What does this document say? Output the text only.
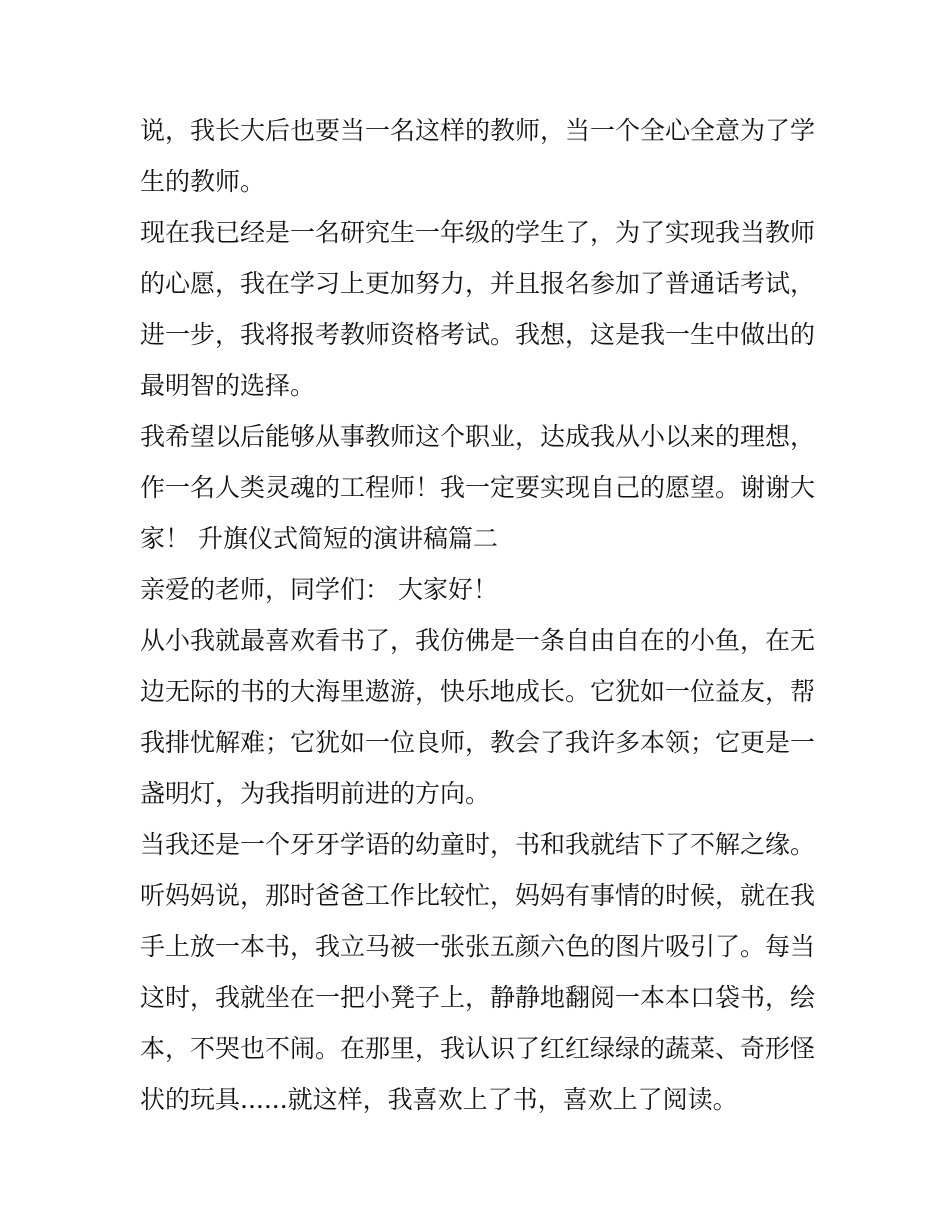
说，我长大后也要当一名这样的教师，当一个全心全意为了学
生的教师。
现在我已经是一名研究生一年级的学生了，为了实现我当教师
的心愿，我在学习上更加努力，并且报名参加了普通话考试，
进一步，我将报考教师资格考试。我想，这是我一生中做出的
最明智的选择。
我希望以后能够从事教师这个职业，达成我从小以来的理想，
作一名人类灵魂的工程师！我一定要实现自己的愿望。谢谢大
家！ 升旗仪式简短的演讲稿篇二
亲爱的老师，同学们： 大家好！
从小我就最喜欢看书了，我仿佛是一条自由自在的小鱼，在无
边无际的书的大海里遨游，快乐地成长。它犹如一位益友，帮
我排忧解难；它犹如一位良师，教会了我许多本领；它更是一
盏明灯，为我指明前进的方向。
当我还是一个牙牙学语的幼童时，书和我就结下了不解之缘。
听妈妈说，那时爸爸工作比较忙，妈妈有事情的时候，就在我
手上放一本书，我立马被一张张五颜六色的图片吸引了。每当
这时，我就坐在一把小凳子上，静静地翻阅一本本口袋书，绘
本，不哭也不闹。在那里，我认识了红红绿绿的蔬菜、奇形怪
状的玩具......就这样，我喜欢上了书，喜欢上了阅读。
